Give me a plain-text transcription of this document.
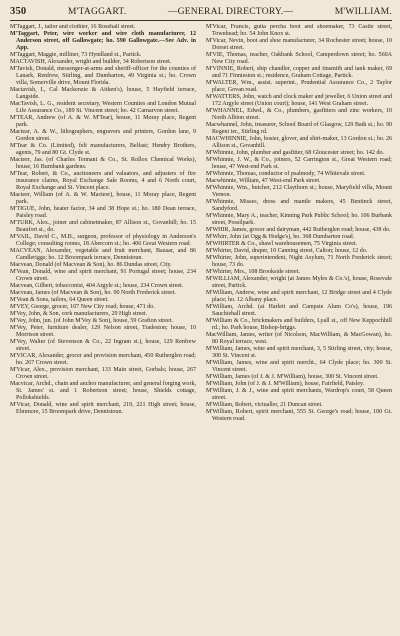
350	M'TAGGART.	—GENERAL DIRECTORY.—	M'WILLIAM.

M'Taggart, J., tailor and clothier, 16 Rosehall street.

M'Taggart, Peter, wire worker and wire cloth manufacturer, 12 Anderson street, off Gallowgate; ho. 590 Gallowgate.—See Adv. in App.

M'Taggart, Maggie, milliner, 73 Hyndland st., Partick.

MACTAVISH, Alexander, wright and builder, 34 Robertson street.

M'Tavish, Donald, messenger-at-arms and sheriff-officer for the counties of Lanark, Renfrew, Stirling, and Dumbarton, 49 Virginia st.; ho. Crown villa, Somerville drive, Mount Florida.

Mactavish, I., Cal Mackenzie & Aitken's), house, 5 Hayfield terrace, Langside.

MacTavish, L. G., resident secretary, Western Counties and London Mutual Life Assurance Co., 189 St. Vincent street; ho. 42 Carnarvon street.

M'TEAR, Andrew (of A. & W. M'Tear), house, 11 Moray place, Regent park.

Mactear, A. & W., lithographers, engravers and printers, Gordon lane, 9 Gordon street.

M'Tear & Co. (Limited), felt manufacturers, Belfast; Hendry Brothers, agents, 79 and 80 Gt. Clyde st.

Macteer, Jas. (of Charles Tennant & Co., St. Rollox Chemical Works), house, 16 Burnbank gardens.

M'Tear, Robert, & Co., auctioneers and valuators, and adjusters of fire insurance claims, Royal Exchange Sale Rooms, 4 and 6 North court, Royal Exchange and St. Vincent place.

Macteer, William (of A. & W. Macteer), house, 11 Moray place, Regent park.

M'TIGUE, John, heater factor, 34 and 38 Hope st.; ho. 180 Dean terrace, Paisley road.

M'TURK, Alex., joiner and cabinetmaker, 87 Allison st., Govanhill; ho. 15 Beaufort st., do.

M'VAIL, David C., M.B., surgeon, professor of physiology in Anderson's College; consulting rooms, 18 Abercorn st.; ho. 406 Great Western road.

MACVEAN, Alexander, vegetable and fruit merchant, Bazaar, and 86 Candleriggs; ho. 12 Broompark terrace, Dennistoun.

Macvean, Donald (of Macvean & Son), ho. 86 Dundas street, City.

M'Vean, Donald, wine and spirit merchant, 91 Portugal street; house, 234 Crown street.

Macvean, Gilbert, tobacconist, 404 Argyle st.; house, 234 Crown street.

Macvean, James (of Macvean & Son), ho. 90 North Frederick street.

M'Vean & Sons, tailors, 64 Queen street.

M'VEY, George, grocer, 107 New City road; house, 471 do.

M'Vey, John, & Son, cork manufacturers, 29 High street.

M'Vey, John, jun. (of John M'Vey & Son), house, 59 Grafton street.

M'Vey, Peter, furniture dealer, 129 Nelson street, Tradeston; house, 10 Morrison street.

M'Vey, Walter (of Stevenson & Co., 22 Ingram st.), house, 129 Renfrew street.

M'VICAR, Alexander, grocer and provision merchant, 450 Rutherglen road; ho. 267 Crown street.

M'Vicar, Alex., provision merchant, 133 Main street, Gorbals; house, 267 Crown street.

Macvicar, Archd., chain and anchor manufacturer, and general forging work, St. James' st. and 1 Robertson street; house, Shields cottage, Pollokshields.

M'Vicar, Donald, wine and spirit merchant, 219, 221 High street; house, Elmmore, 15 Broompark drive, Dennistoun.

M'Vicar, Francis, gutta percha boot and shoemaker, 73 Castle street, Townhead; ho. 54 John Knox st.

M'Vicar, Nevin, boot and shoe manufacturer, 34 Rochester street; house, 10 Dorset street.

M'VIE, Thomas, teacher, Oakbank School, Camperdown street; ho. 560A New City road.

M'VINNIE, Robert, ship chandler, copper and tinsmith and tank maker, 69 and 71 Finnieston st.; residence, Graham Cottage, Partick.

M'WALTER, Wm., assist. superint., Prudential Assurance Co., 2 Taylor place, Govan road.

M'WATTERS, John, watch and clock maker and jeweller, 6 Union street and 172 Argyle street (Union court); house, 141 West Graham street.

M'WHANNEL, Edwd., & Co., plumbers, gasfitters and zinc workers, 10 North Albion street.

Macwhannel, John, treasurer, School Board of Glasgow, 129 Bath st.; ho. 90 Regent ter., Stirling rd.

MACWHINNIE, John, hosier, glover, and shirt-maker, 13 Gordon st.; ho. 26 Allison st., Govanhill.

M'Whinnie, John, plumber and gasfitter, 68 Gloucester street; ho. 142 do.

M'Whinnie, J. W., & Co., joiners, 52 Carrington st., Great Western road; house, 47 West-end Park st.

M'Whinnie, Thomas, conductor of psalmody, 74 Whitevale street.

Macwhinnie, William, 47 West-end Park street.

M'Whinnie, Wm., butcher, 212 Claythorn st.; house, Maryfield villa, Mount Vernon.

M'Whinnie, Misses, dress and mantle makers, 45 Bentinck street, Sandyford.

M'Whinnie, Mary A., teacher, Kinning Park Public School; ho. 106 Burbank street, Possilpark.

M'WHIR, James, grocer and dairyman, 442 Rutherglen road; house, 438 do.

M'Whirr, John (at Ogg & Hodge's), ho. 368 Dumbarton road.

M'WHIRTER & Co., shawl warehousemen, 75 Virginia street.

M'Whirter, David, draper, 10 Canning street, Calton; house, 12 do.

M'Whirter, John, superintendent, Night Asylum, 71 North Frederick street; house, 73 do.

M'Whirter, Mrs., 108 Brookside street.

M'WILLIAM, Alexander, wright (at James Myles & Co.'s), house, Rosevale street, Partick.

M'William, Andrew, wine and spirit merchant, 12 Bridge street and 4 Clyde place; ho. 12 Albany place.

M'William, Archd. (at Harlett and Campsie Alum Co's), house, 196 Sauchiehall street.

M'William & Co., brickmakers and builders, Lyall st., off New Keppochhill rd.; ho. Park house, Bishop-briggs.

MacWilliam, James, writer (of Nicolson, MacWilliam, & MacGowan), ho. 80 Royal terrace, west.

M'William, James, wine and spirit merchant, 3, 5 Stirling street, city; house, 300 St. Vincent st.

M'William, James, wine and spirit mercht., 64 Clyde place; ho. 300 St. Vincent street.

M'William, James (of J. & J. M'William), house, 300 St. Vincent street.

M'William, John (of J. & J. M'William), house, Fairfield, Paisley.

M'William, J. & J., wine and spirit merchants, Wardrop's court, 58 Queen street.

M'William, Robert, victualler, 21 Duncan street.

M'William, Robert, spirit merchant, 555 St. George's road; house, 100 Gt. Western road.
